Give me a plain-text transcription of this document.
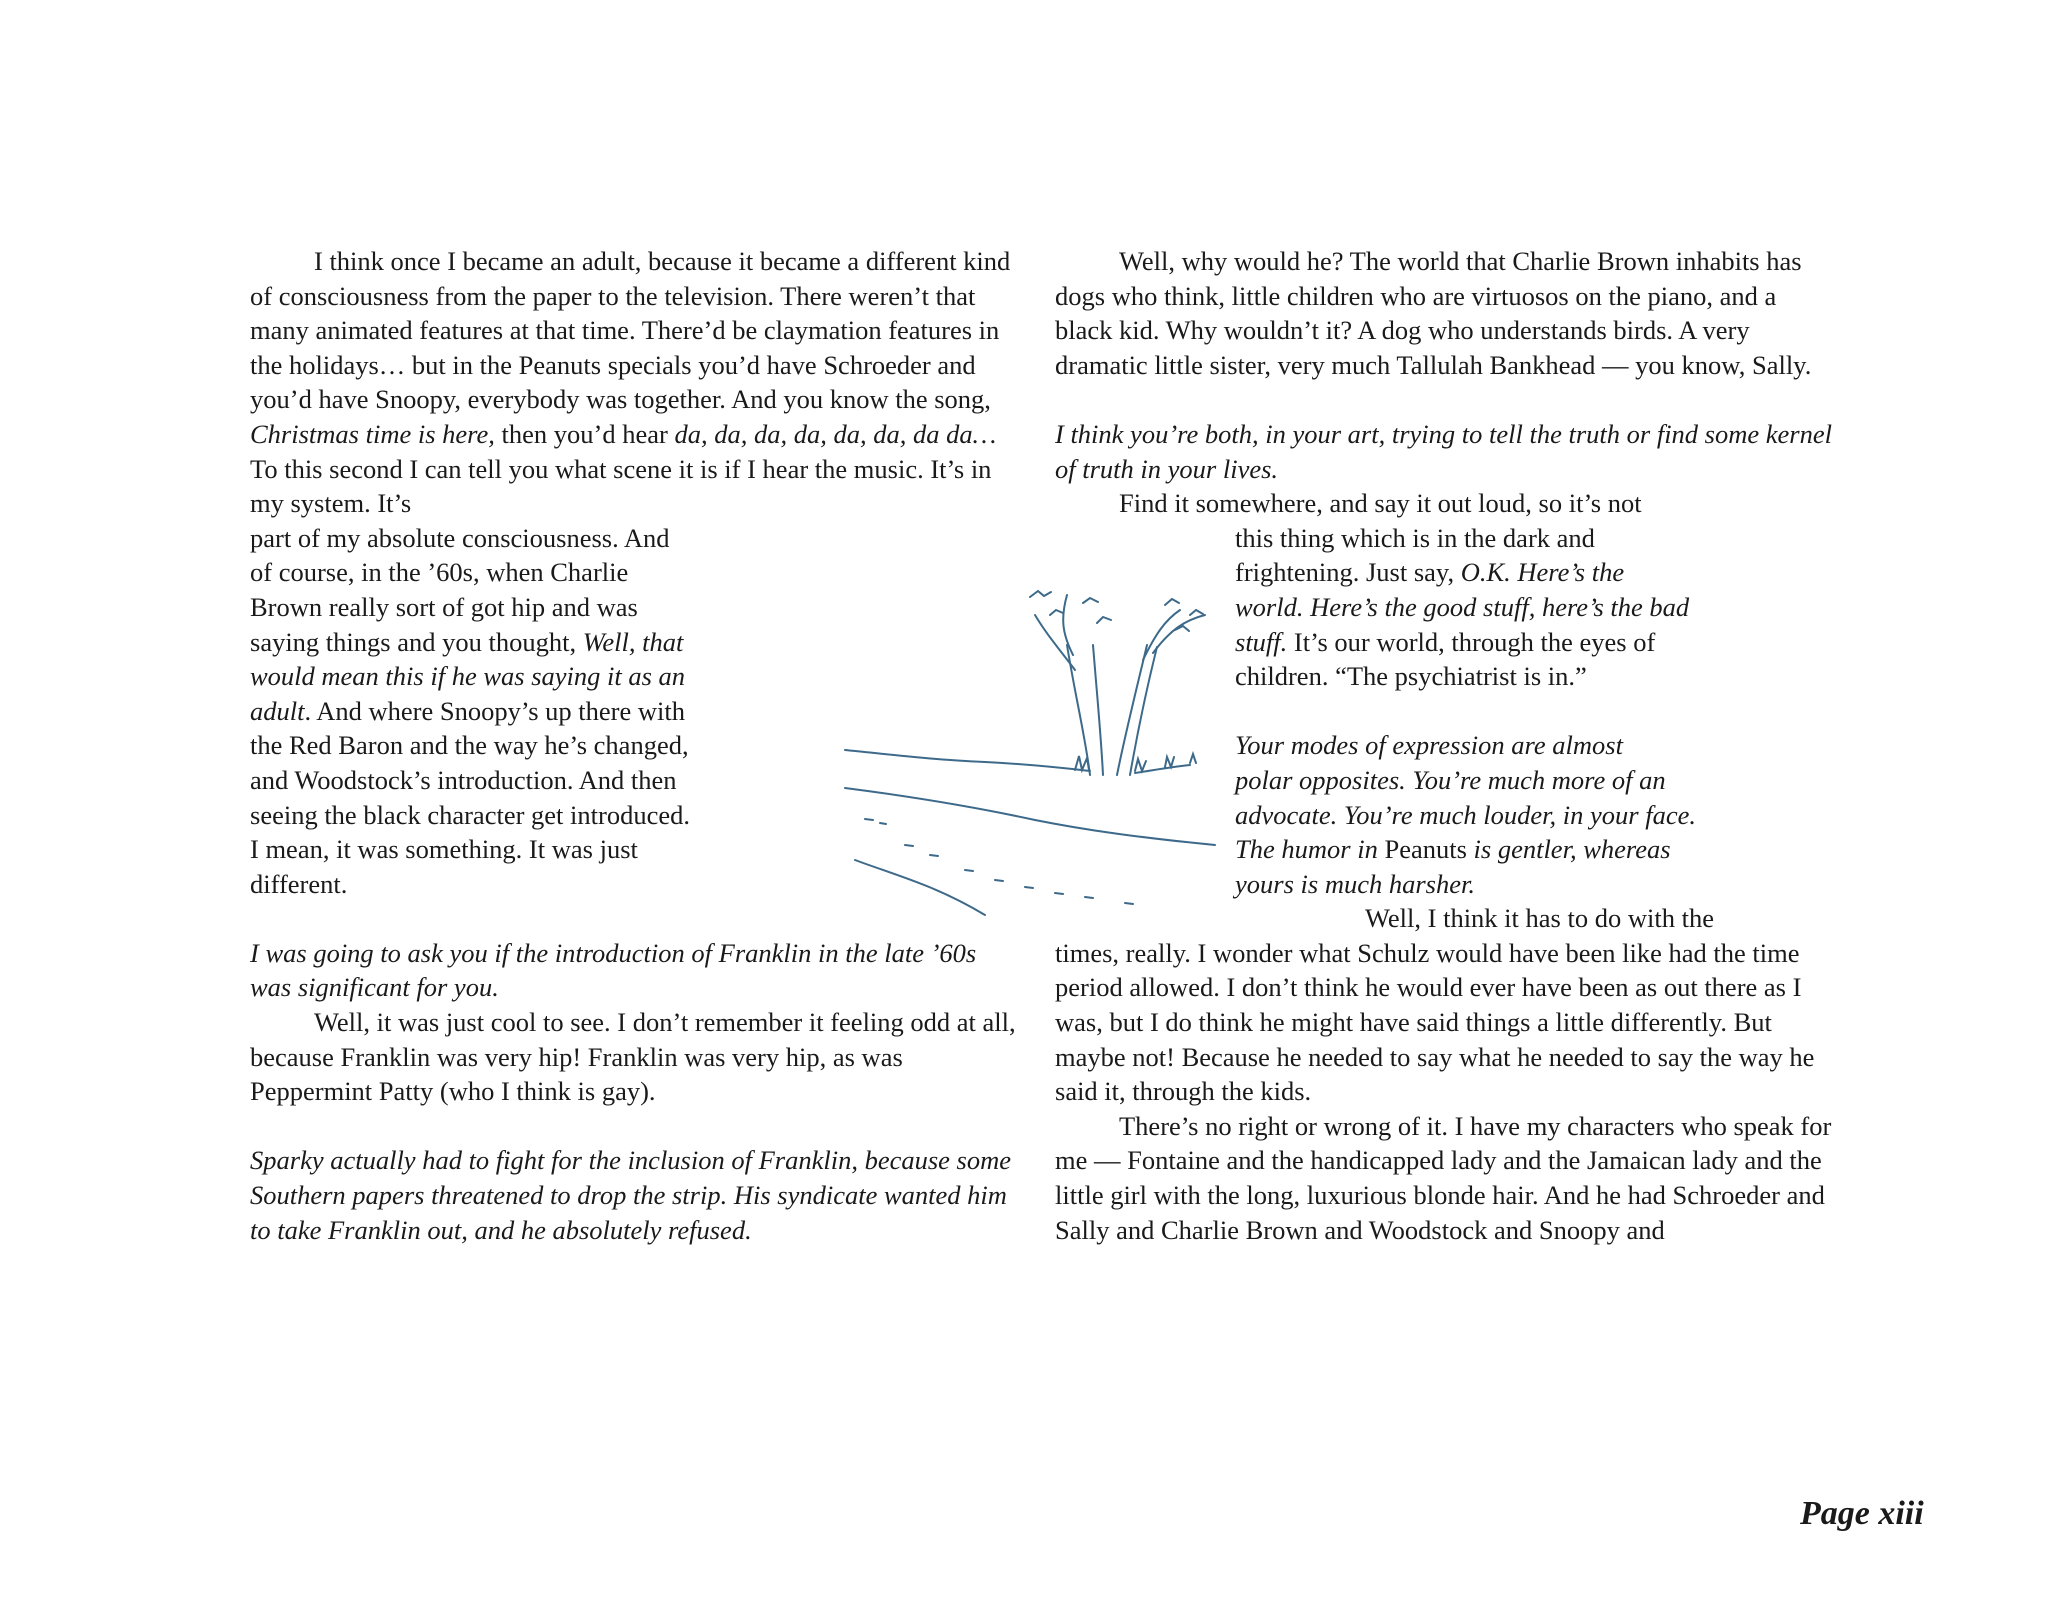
I think once I became an adult, because it became a different kind of consciousness from the paper to the television. There weren’t that many animated features at that time. There’d be claymation features in the holidays… but in the Peanuts specials you’d have Schroeder and you’d have Snoopy, everybody was together. And you know the song, Christmas time is here, then you’d hear da, da, da, da, da, da, da da… To this second I can tell you what scene it is if I hear the music. It’s in my system. It’s

part of my absolute consciousness. And
of course, in the ’60s, when Charlie
Brown really sort of got hip and was
saying things and you thought, Well, that
would mean this if he was saying it as an
adult. And where Snoopy’s up there with
the Red Baron and the way he’s changed,
and Woodstock’s introduction. And then
seeing the black character get introduced.
I mean, it was something. It was just
different.

I was going to ask you if the introduction of Franklin in the late ’60s was significant for you.

Well, it was just cool to see. I don’t remember it feeling odd at all, because Franklin was very hip! Franklin was very hip, as was Peppermint Patty (who I think is gay).

Sparky actually had to fight for the inclusion of Franklin, because some Southern papers threatened to drop the strip. His syndicate wanted him to take Franklin out, and he absolutely refused.

Well, why would he? The world that Charlie Brown inhabits has dogs who think, little children who are virtuosos on the piano, and a black kid. Why wouldn’t it? A dog who understands birds. A very dramatic little sister, very much Tallulah Bankhead — you know, Sally.

I think you’re both, in your art, trying to tell the truth or find some kernel of truth in your lives.

Find it somewhere, and say it out loud, so it’s not
this thing which is in the dark and
frightening. Just say, O.K. Here’s the
world. Here’s the good stuff, here’s the bad
stuff. It’s our world, through the eyes of
children. “The psychiatrist is in.”
Your modes of expression are almost
polar opposites. You’re much more of an
advocate. You’re much louder, in your face.
The humor in Peanuts is gentler, whereas
yours is much harsher.
Well, I think it has to do with the

times, really. I wonder what Schulz would have been like had the time period allowed. I don’t think he would ever have been as out there as I was, but I do think he might have said things a little differently. But maybe not! Because he needed to say what he needed to say the way he said it, through the kids.

There’s no right or wrong of it. I have my characters who speak for me — Fontaine and the handicapped lady and the Jamaican lady and the little girl with the long, luxurious blonde hair. And he had Schroeder and Sally and Charlie Brown and Woodstock and Snoopy and

Page xiii
